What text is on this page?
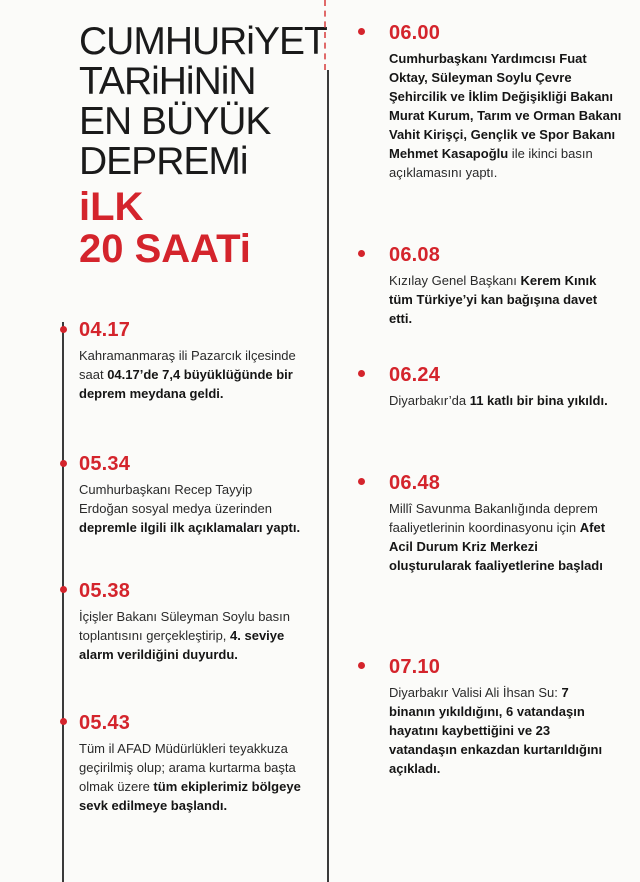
CUMHURiYET
TARiHiNiN
EN BÜYÜK
DEPREMi
iLK
20 SAATi
04.17
Kahramanmaraş ili Pazarcık ilçesinde saat 04.17’de 7,4 büyüklüğünde bir deprem meydana geldi.
05.34
Cumhurbaşkanı Recep Tayyip Erdoğan sosyal medya üzerinden depremle ilgili ilk açıklamaları yaptı.
05.38
İçişler Bakanı Süleyman Soylu basın toplantısını gerçekleştirip, 4. seviye alarm verildiğini duyurdu.
05.43
Tüm il AFAD Müdürlükleri teyakkuza geçirilmiş olup; arama kurtarma başta olmak üzere tüm ekiplerimiz bölgeye sevk edilmeye başlandı.
06.00
Cumhurbaşkanı Yardımcısı Fuat Oktay, Süleyman Soylu Çevre Şehircilik ve İklim Değişikliği Bakanı Murat Kurum, Tarım ve Orman Bakanı Vahit Kirişçi, Gençlik ve Spor Bakanı Mehmet Kasapoğlu ile ikinci basın açıklamasını yaptı.
06.08
Kızılay Genel Başkanı Kerem Kınık tüm Türkiye’yi kan bağışına davet etti.
06.24
Diyarbakır’da 11 katlı bir bina yıkıldı.
06.48
Millî Savunma Bakanlığında deprem faaliyetlerinin koordinasyonu için Afet Acil Durum Kriz Merkezi oluşturularak faaliyetlerine başladı
07.10
Diyarbakır Valisi Ali İhsan Su: 7 binanın yıkıldığını, 6 vatandaşın hayatını kaybettiğini ve 23 vatandaşın enkazdan kurtarıldığını açıkladı.
